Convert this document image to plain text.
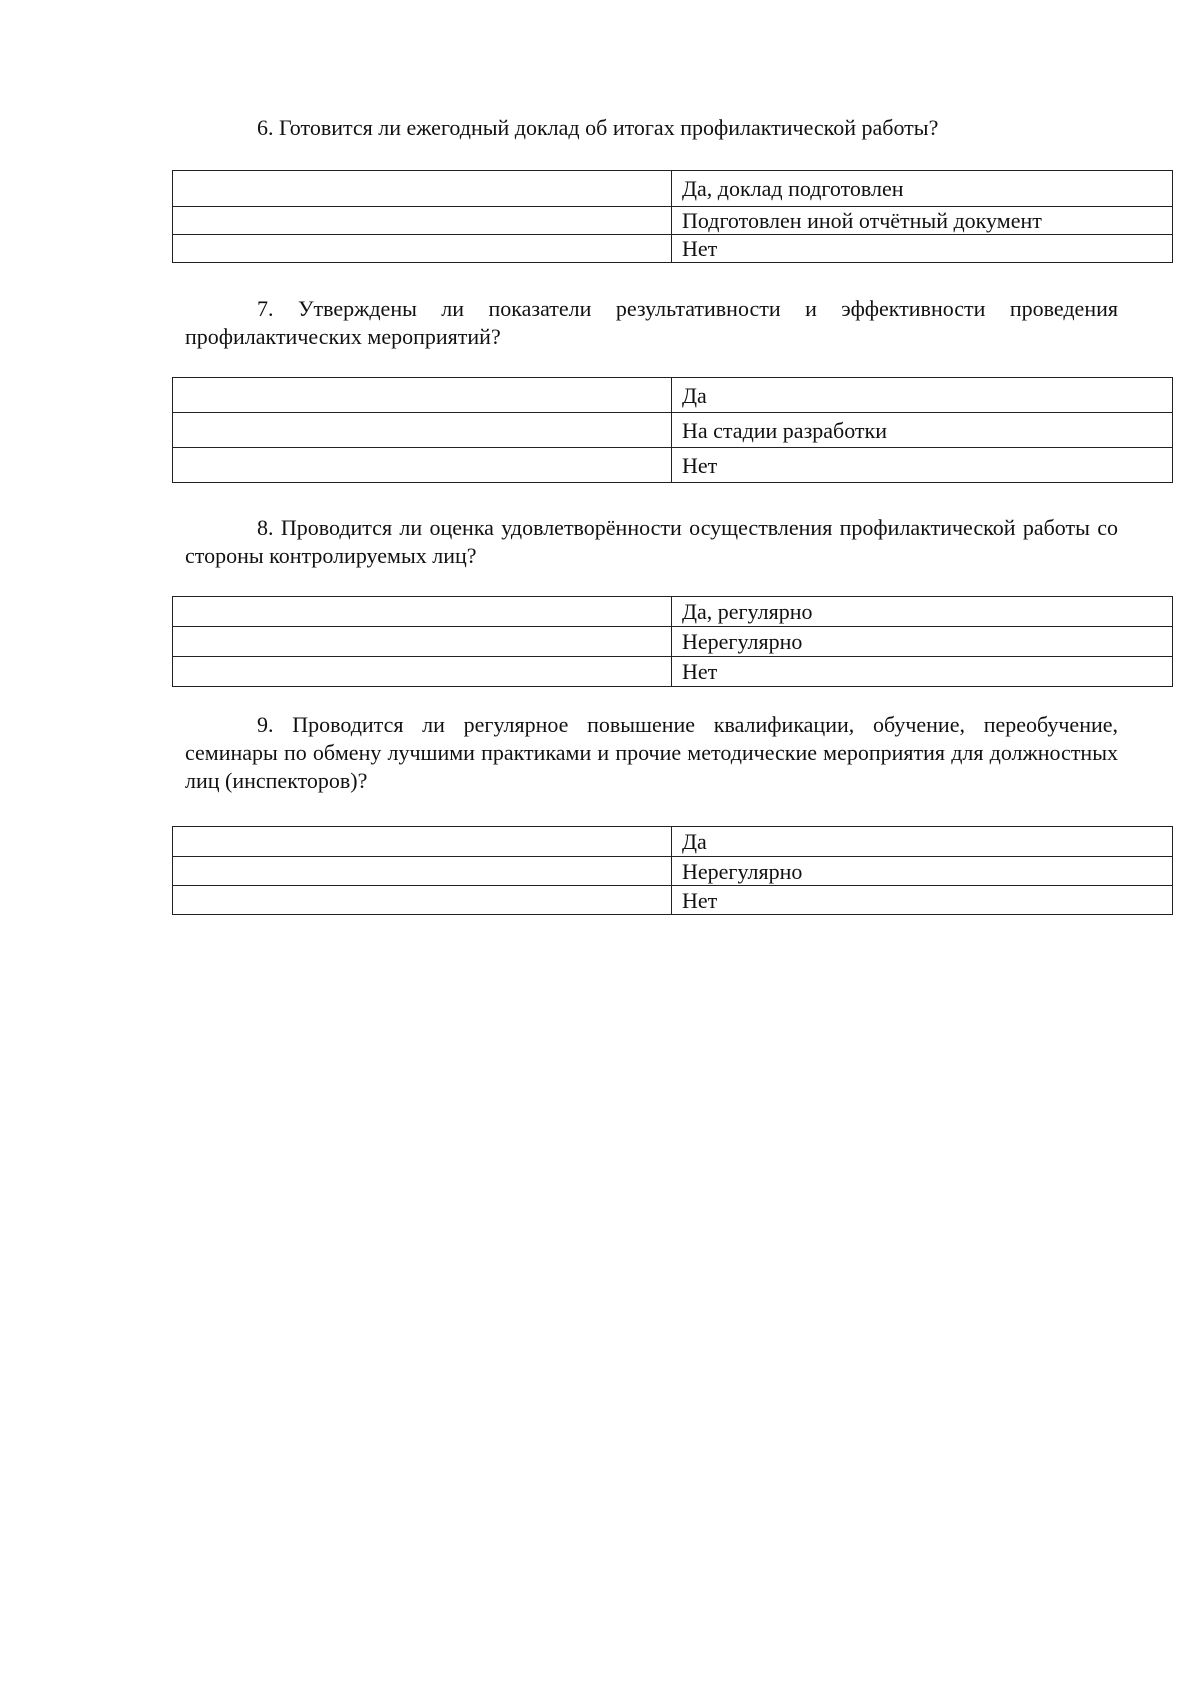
6. Готовится ли ежегодный доклад об итогах профилактической работы?

	Да, доклад подготовлен
	Подготовлен иной отчётный документ
	Нет

7. Утверждены ли показатели результативности и эффективности проведения профилактических мероприятий?

	Да
	На стадии разработки
	Нет

8. Проводится ли оценка удовлетворённости осуществления профилактической работы со стороны контролируемых лиц?

	Да, регулярно
	Нерегулярно
	Нет

9. Проводится ли регулярное повышение квалификации, обучение, переобучение, семинары по обмену лучшими практиками и прочие методические мероприятия для должностных лиц (инспекторов)?

	Да
	Нерегулярно
	Нет
